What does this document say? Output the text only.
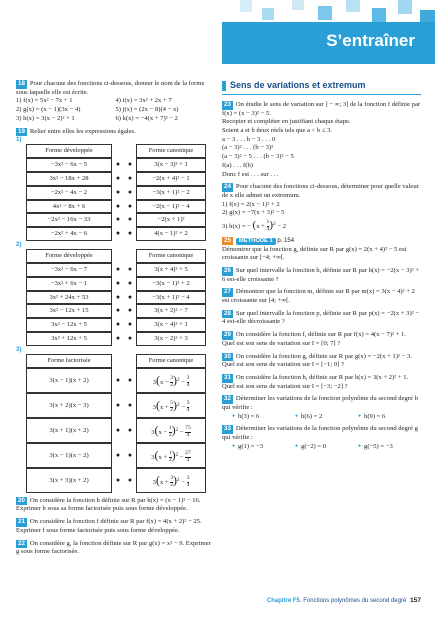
S’entraîner
18 Pour chacune des fonctions ci-dessous, donner le nom de la forme sous laquelle elle est écrite.
1) f(x) = 5x² − 7x + 1	4) i(x) = 3x² + 2x + 7
2) g(x) = (x − 1)(3x − 4)	5) j(x) = (2x − 8)(4 − x)
3) h(x) = 3(x − 2)² + 1	6) k(x) = −4(x + 7)² − 2
19 Relier entre elles les expressions égales.
1)
Forme développée	Forme canonique
−3x² − 6x − 5	●	●	3(x − 3)² + 1
3x² − 18x + 28	●	●	−2(x + 4)² − 1
−2x² − 4x − 2	●	●	−3(x + 1)² − 2
4x² − 8x + 6	●	●	−2(x − 1)² − 4
−2x² − 16x − 33	●	●	−2(x + 1)²
−2x² + 4x − 6	●	●	4(x − 1)² + 2
2)
Forme développée	Forme canonique
−3x² − 6x − 7	●	●	3(x + 4)² + 5
−3x² + 6x − 1	●	●	−3(x − 1)² + 2
3x² + 24x + 53	●	●	−3(x + 1)² − 4
3x² − 12x + 15	●	●	3(x + 2)² − 7
3x² − 12x + 5	●	●	3(x − 4)² + 1
3x² + 12x + 5	●	●	3(x − 2)² + 3
3)
Forme factorisée	Forme canonique
3(x − 1)(x + 2)	●	●	$3(x - \frac{3}{2} )^2 - \frac{3}{4}$
3(x + 2)(x − 3)	●	●	$3(x + \frac{5}{2} )^2 - \frac{3}{4}$
3(x + 1)(x + 2)	●	●	$3(x - \frac{1}{2} )^2 - \frac{75}{4}$
3(x − 1)(x − 2)	●	●	$3(x + \frac{1}{2} )^2 - \frac{27}{4}$
3(x + 3)(x + 2)	●	●	$3(x + \frac{3}{2} )^2 - \frac{3}{4}$
20 On considère la fonction h définie sur R par h(x) = (x − 1)² − 16. Exprimer h sous sa forme factorisée puis sous forme développée.
21 On considère la fonction f définie sur R par f(x) = 4(x + 2)² − 25. Exprimer f sous forme factorisée puis sous forme développée.
22 On considère g, la fonction définie sur R par g(x) = x² − 9. Exprimer g sous forme factorisée.
Sens de variations et extremum
23 On étudie le sens de variation sur ] − ∞; 3] de la fonction f définie par f(x) = (x − 3)² − 5.
Recopier et compléter en justifiant chaque étape.
Soient a et b deux réels tels que a < b ≤ 3.
a − 3 . . . b − 3 . . . 0
(a − 3)² . . . (b − 3)²
(a − 3)² − 5 . . . (b − 3)² − 5
f(a) . . . f(b)
Donc f est . . . sur . . .
24 Pour chacune des fonctions ci-dessous, déterminer pour quelle valeur de x elle admet un extremum.
1) f(x) = 2(x − 1)² + 2
2) g(x) = −7(x + 3)² − 5
3) h(x) = − $(x + \frac{1}{4} )^2 - 2$
25 MÉTHODE 1 p. 154
Démontrer que la fonction g, définie sur R par g(x) = 2(x + 4)² − 5 est croissante sur [−4; +∞[.
26 Sur quel intervalle la fonction h, définie sur R par h(x) = −2(x − 3)² + 6 est-elle croissante ?
27 Démontrer que la fonction m, définie sur R par m(x) = 3(x − 4)² + 2 est croissante sur [4; +∞[.
28 Sur quel intervalle la fonction p, définie sur R par p(x) = −2(x + 3)² − 4 est-elle décroissante ?
29 On considère la fonction f, définie sur R par f(x) = 4(x − 7)² + 1.
Quel est son sens de variation sur I = [0; 7] ?
30 On considère la fonction g, définie sur R par g(x) = −2(x + 1)² − 3.
Quel est son sens de variation sur I = [−1; 0] ?
31 On considère la fonction h, définie sur R par h(x) = 3(x + 2)² + 1.
Quel est son sens de variation sur I = [−3; −2] ?
32 Déterminer les variations de la fonction polynôme du second degré h qui vérifie :
● h(3) = 6	● h(6) = 2	● h(9) = 6
33 Déterminer les variations de la fonction polynôme du second degré g qui vérifie :
● g(1) = −3	● g(−2) = 0	● g(−5) = −3
Chapitre F5. Fonctions polynômes du second degré 157
